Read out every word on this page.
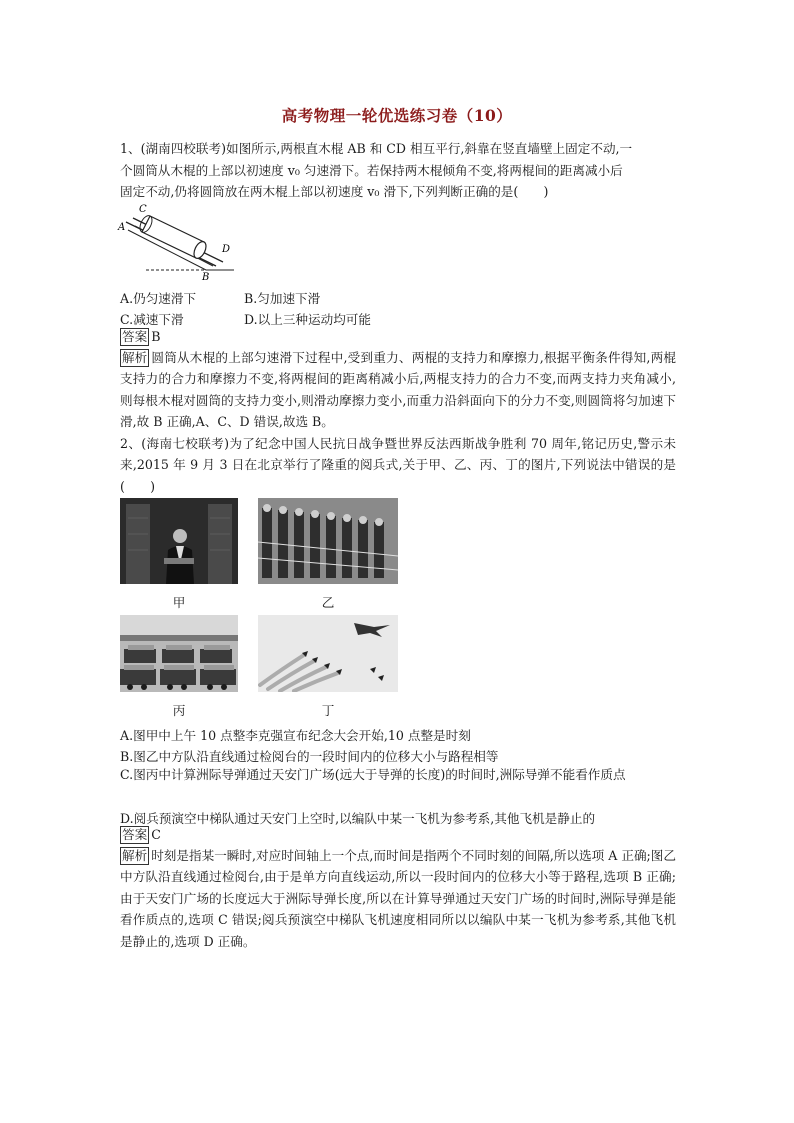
高考物理一轮优选练习卷（10）
1、(湖南四校联考)如图所示,两根直木棍 AB 和 CD 相互平行,斜靠在竖直墙壁上固定不动,一
个圆筒从木棍的上部以初速度 v₀ 匀速滑下。若保持两木棍倾角不变,将两棍间的距离减小后
固定不动,仍将圆筒放在两木棍上部以初速度 v₀ 滑下,下列判断正确的是(　　)
A
B
C
D
A.仍匀速滑下	B.匀加速下滑
C.减速下滑	D.以上三种运动均可能
答案 B

解析 圆筒从木棍的上部匀速滑下过程中,受到重力、两棍的支持力和摩擦力,根据平衡条件得知,两棍支持力的合力和摩擦力不变,将两棍间的距离稍减小后,两棍支持力的合力不变,而两支持力夹角减小,则每根木棍对圆筒的支持力变小,则滑动摩擦力变小,而重力沿斜面向下的分力不变,则圆筒将匀加速下滑,故 B 正确,A、C、D 错误,故选 B。

2、(海南七校联考)为了纪念中国人民抗日战争暨世界反法西斯战争胜利 70 周年,铭记历史,警示未来,2015 年 9 月 3 日在北京举行了隆重的阅兵式,关于甲、乙、丙、丁的图片,下列说法中错误的是(　　)

甲	乙
丙	丁
A.图甲中上午 10 点整李克强宣布纪念大会开始,10 点整是时刻
B.图乙中方队沿直线通过检阅台的一段时间内的位移大小与路程相等

C.图丙中计算洲际导弹通过天安门广场(远大于导弹的长度)的时间时,洲际导弹不能看作质点

D.阅兵预演空中梯队通过天安门上空时,以编队中某一飞机为参考系,其他飞机是静止的
答案 C

解析 时刻是指某一瞬时,对应时间轴上一个点,而时间是指两个不同时刻的间隔,所以选项 A 正确;图乙中方队沿直线通过检阅台,由于是单方向直线运动,所以一段时间内的位移大小等于路程,选项 B 正确;由于天安门广场的长度远大于洲际导弹长度,所以在计算导弹通过天安门广场的时间时,洲际导弹是能看作质点的,选项 C 错误;阅兵预演空中梯队飞机速度相同所以以编队中某一飞机为参考系,其他飞机是静止的,选项 D 正确。
